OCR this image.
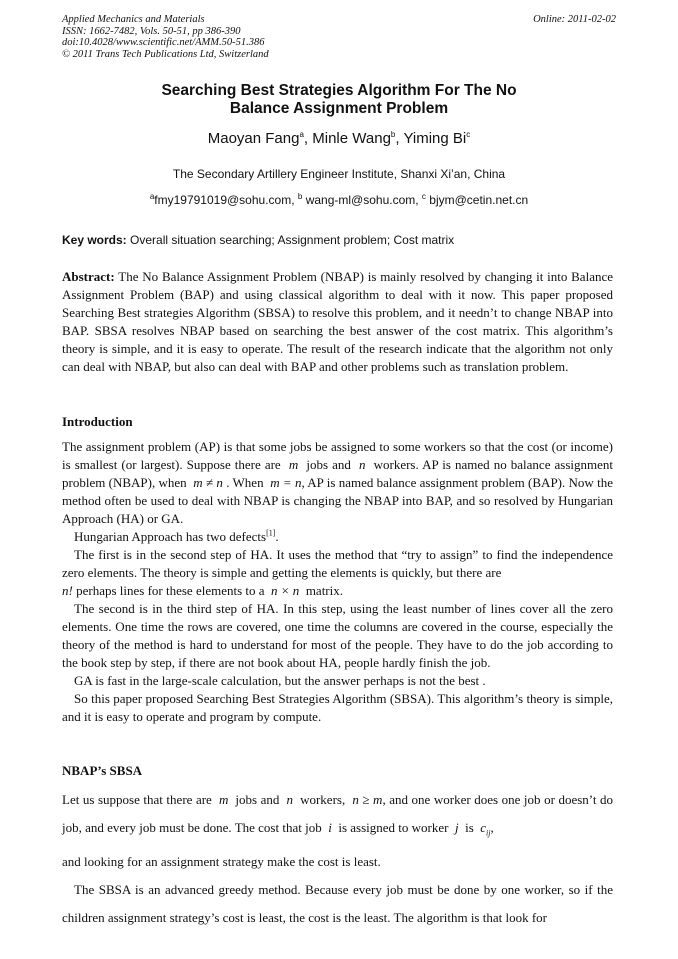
Applied Mechanics and Materials
ISSN: 1662-7482, Vols. 50-51, pp 386-390
doi:10.4028/www.scientific.net/AMM.50-51.386
© 2011 Trans Tech Publications Ltd, Switzerland
Online: 2011-02-02
Searching Best Strategies Algorithm For The No
Balance Assignment Problem
Maoyan Fang$^a$, Minle Wang$^b$, Yiming Bi$^c$
The Secondary Artillery Engineer Institute, Shanxi Xi’an, China
$^a$fmy19791019@sohu.com, $^b$ wang-ml@sohu.com, $^c$ bjym@cetin.net.cn
Key words: Overall situation searching; Assignment problem; Cost matrix

Abstract: The No Balance Assignment Problem (NBAP) is mainly resolved by changing it into Balance Assignment Problem (BAP) and using classical algorithm to deal with it now. This paper proposed Searching Best strategies Algorithm (SBSA) to resolve this problem, and it needn’t to change NBAP into BAP. SBSA resolves NBAP based on searching the best answer of the cost matrix. This algorithm’s theory is simple, and it is easy to operate. The result of the research indicate that the algorithm not only can deal with NBAP, but also can deal with BAP and other problems such as translation problem.

Introduction

The assignment problem (AP) is that some jobs be assigned to some workers so that the cost (or income) is smallest (or largest). Suppose there are m jobs and n workers. AP is named no balance assignment problem (NBAP), when m ≠ n . When m = n, AP is named balance assignment problem (BAP). Now the method often be used to deal with NBAP is changing the NBAP into BAP, and so resolved by Hungarian Approach (HA) or GA.

Hungarian Approach has two defects[1].

The first is in the second step of HA. It uses the method that “try to assign” to find the independence zero elements. The theory is simple and getting the elements is quickly, but there are
n! perhaps lines for these elements to a n × n matrix.

The second is in the third step of HA. In this step, using the least number of lines cover all the zero elements. One time the rows are covered, one time the columns are covered in the course, especially the theory of the method is hard to understand for most of the people. They have to do the job according to the book step by step, if there are not book about HA, people hardly finish the job.

GA is fast in the large-scale calculation, but the answer perhaps is not the best .

So this paper proposed Searching Best Strategies Algorithm (SBSA). This algorithm’s theory is simple, and it is easy to operate and program by compute.

NBAP’s SBSA

Let us suppose that there are m jobs and n workers, n ≥ m, and one worker does one job or doesn’t do job, and every job must be done. The cost that job i is assigned to worker j is $c_{ij}$,
and looking for an assignment strategy make the cost is least.

The SBSA is an advanced greedy method. Because every job must be done by one worker, so if the children assignment strategy’s cost is least, the cost is the least. The algorithm is that look for
